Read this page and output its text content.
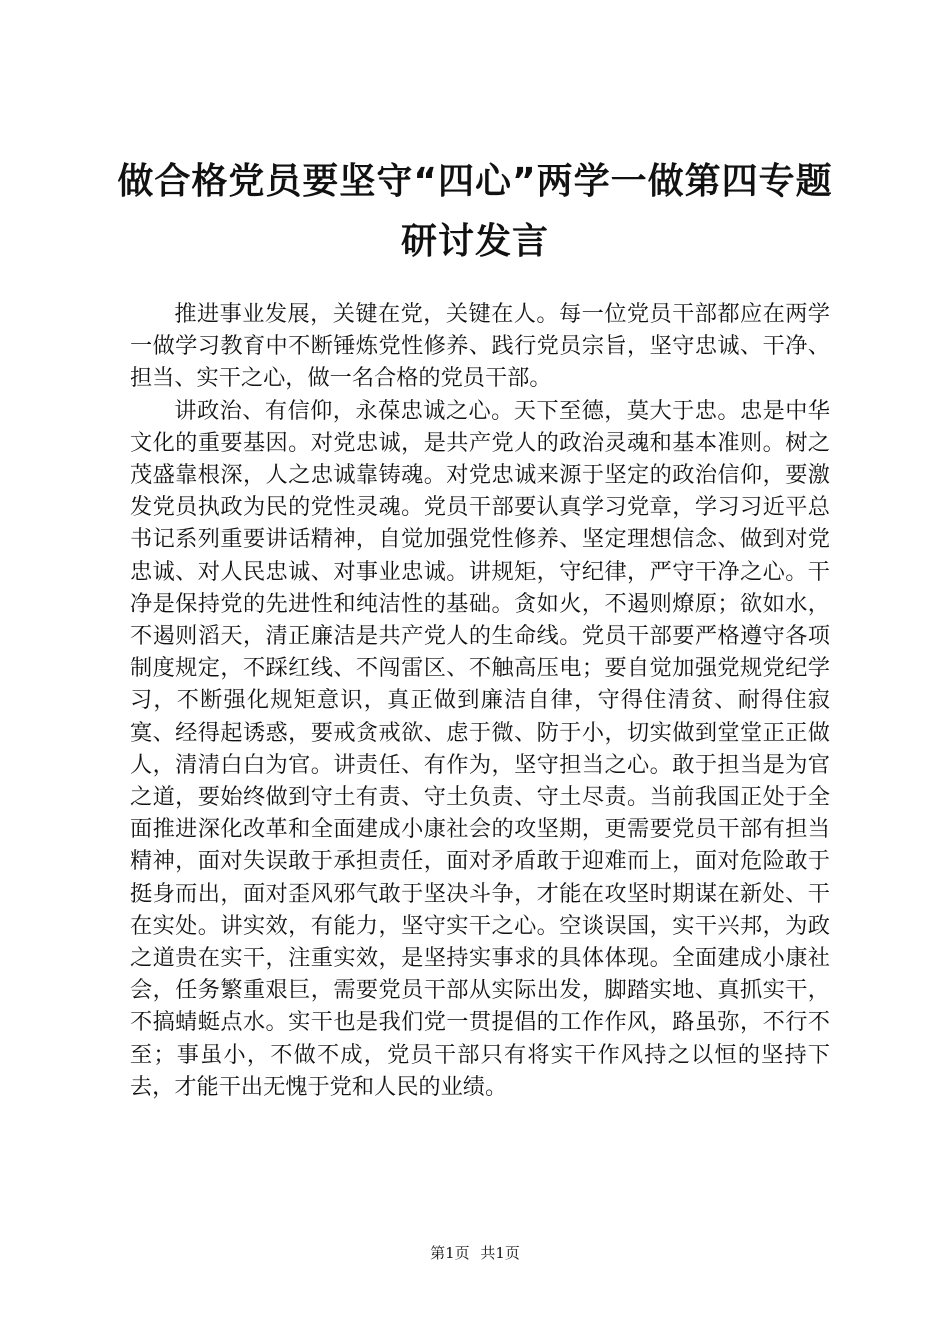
做合格党员要坚守“四心”两学一做第四专题
研讨发言

推进事业发展，关键在党，关键在人。每一位党员干部都应在两学一做学习教育中不断锤炼党性修养、践行党员宗旨，坚守忠诚、干净、担当、实干之心，做一名合格的党员干部。

讲政治、有信仰，永葆忠诚之心。天下至德，莫大于忠。忠是中华文化的重要基因。对党忠诚，是共产党人的政治灵魂和基本准则。树之茂盛靠根深，人之忠诚靠铸魂。对党忠诚来源于坚定的政治信仰，要激发党员执政为民的党性灵魂。党员干部要认真学习党章，学习习近平总书记系列重要讲话精神，自觉加强党性修养、坚定理想信念、做到对党忠诚、对人民忠诚、对事业忠诚。讲规矩，守纪律，严守干净之心。干净是保持党的先进性和纯洁性的基础。贪如火，不遏则燎原；欲如水，不遏则滔天，清正廉洁是共产党人的生命线。党员干部要严格遵守各项制度规定，不踩红线、不闯雷区、不触高压电；要自觉加强党规党纪学习，不断强化规矩意识，真正做到廉洁自律，守得住清贫、耐得住寂寞、经得起诱惑，要戒贪戒欲、虑于微、防于小，切实做到堂堂正正做人，清清白白为官。讲责任、有作为，坚守担当之心。敢于担当是为官之道，要始终做到守土有责、守土负责、守土尽责。当前我国正处于全面推进深化改革和全面建成小康社会的攻坚期，更需要党员干部有担当精神，面对失误敢于承担责任，面对矛盾敢于迎难而上，面对危险敢于挺身而出，面对歪风邪气敢于坚决斗争，才能在攻坚时期谋在新处、干在实处。讲实效，有能力，坚守实干之心。空谈误国，实干兴邦，为政之道贵在实干，注重实效，是坚持实事求的具体体现。全面建成小康社会，任务繁重艰巨，需要党员干部从实际出发，脚踏实地、真抓实干，不搞蜻蜓点水。实干也是我们党一贯提倡的工作作风，路虽弥，不行不至；事虽小，不做不成，党员干部只有将实干作风持之以恒的坚持下去，才能干出无愧于党和人民的业绩。

第1页 共1页
